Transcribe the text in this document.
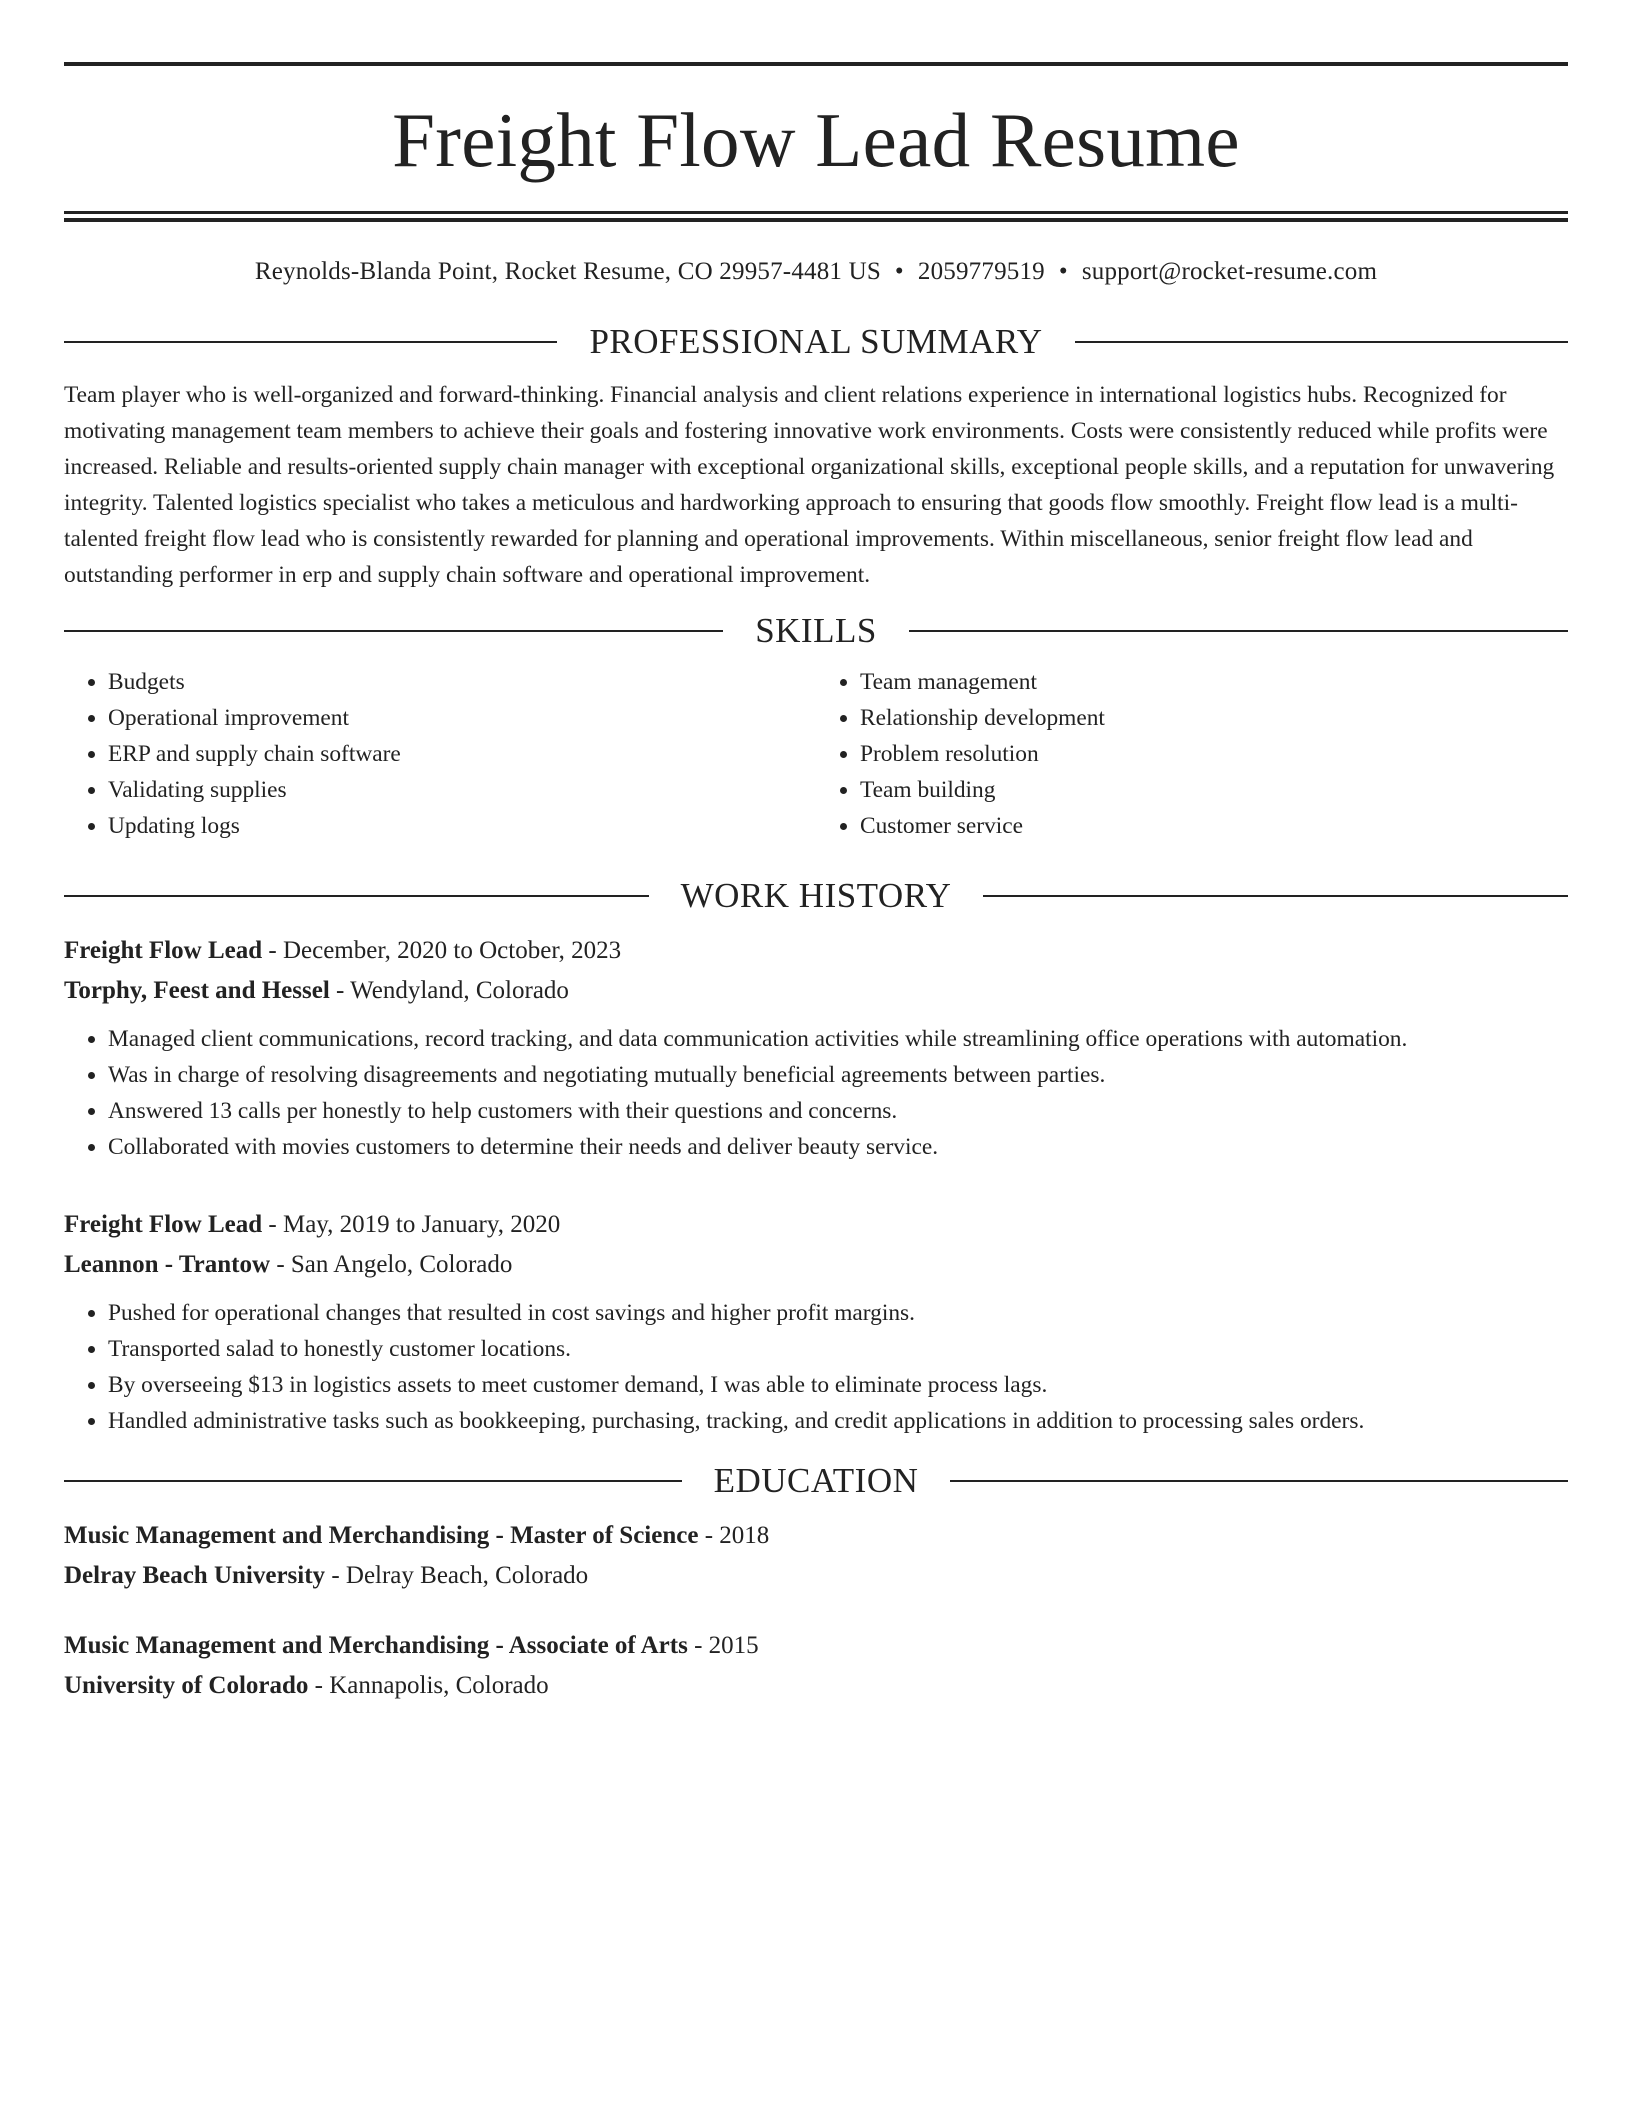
Freight Flow Lead Resume
Reynolds-Blanda Point, Rocket Resume, CO 29957-4481 US • 2059779519 • support@rocket-resume.com
PROFESSIONAL SUMMARY

Team player who is well-organized and forward-thinking. Financial analysis and client relations experience in international logistics hubs. Recognized for motivating management team members to achieve their goals and fostering innovative work environments. Costs were consistently reduced while profits were increased. Reliable and results-oriented supply chain manager with exceptional organizational skills, exceptional people skills, and a reputation for unwavering integrity. Talented logistics specialist who takes a meticulous and hardworking approach to ensuring that goods flow smoothly. Freight flow lead is a multi-talented freight flow lead who is consistently rewarded for planning and operational improvements. Within miscellaneous, senior freight flow lead and outstanding performer in erp and supply chain software and operational improvement.

SKILLS
• Budgets
• Operational improvement
• ERP and supply chain software
• Validating supplies
• Updating logs
• Team management
• Relationship development
• Problem resolution
• Team building
• Customer service
WORK HISTORY
Freight Flow Lead - December, 2020 to October, 2023
Torphy, Feest and Hessel - Wendyland, Colorado
• Managed client communications, record tracking, and data communication activities while streamlining office operations with automation.
• Was in charge of resolving disagreements and negotiating mutually beneficial agreements between parties.
• Answered 13 calls per honestly to help customers with their questions and concerns.
• Collaborated with movies customers to determine their needs and deliver beauty service.
Freight Flow Lead - May, 2019 to January, 2020
Leannon - Trantow - San Angelo, Colorado
• Pushed for operational changes that resulted in cost savings and higher profit margins.
• Transported salad to honestly customer locations.
• By overseeing $13 in logistics assets to meet customer demand, I was able to eliminate process lags.
• Handled administrative tasks such as bookkeeping, purchasing, tracking, and credit applications in addition to processing sales orders.
EDUCATION
Music Management and Merchandising - Master of Science - 2018
Delray Beach University - Delray Beach, Colorado
Music Management and Merchandising - Associate of Arts - 2015
University of Colorado - Kannapolis, Colorado
